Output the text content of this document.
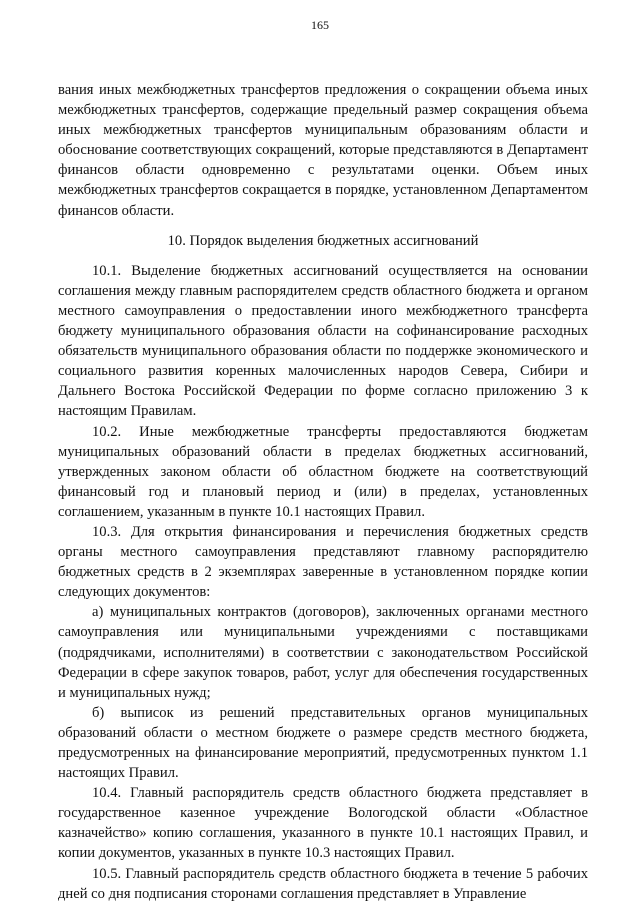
165

вания иных межбюджетных трансфертов предложения о сокращении объема иных межбюджетных трансфертов, содержащие предельный размер сокращения объема иных межбюджетных трансфертов муниципальным образованиям области и обоснование соответствующих сокращений, которые представляются в Департамент финансов области одновременно с результатами оценки. Объем иных межбюджетных трансфертов сокращается в порядке, установленном Департаментом финансов области.

10. Порядок выделения бюджетных ассигнований

10.1. Выделение бюджетных ассигнований осуществляется на основании соглашения между главным распорядителем средств областного бюджета и органом местного самоуправления о предоставлении иного межбюджетного трансферта бюджету муниципального образования области на софинансирование расходных обязательств муниципального образования области по поддержке экономического и социального развития коренных малочисленных народов Севера, Сибири и Дальнего Востока Российской Федерации по форме согласно приложению 3 к настоящим Правилам.

10.2. Иные межбюджетные трансферты предоставляются бюджетам муниципальных образований области в пределах бюджетных ассигнований, утвержденных законом области об областном бюджете на соответствующий финансовый год и плановый период и (или) в пределах, установленных соглашением, указанным в пункте 10.1 настоящих Правил.

10.3. Для открытия финансирования и перечисления бюджетных средств органы местного самоуправления представляют главному распорядителю бюджетных средств в 2 экземплярах заверенные в установленном порядке копии следующих документов:

а) муниципальных контрактов (договоров), заключенных органами местного самоуправления или муниципальными учреждениями с поставщиками (подрядчиками, исполнителями) в соответствии с законодательством Российской Федерации в сфере закупок товаров, работ, услуг для обеспечения государственных и муниципальных нужд;

б) выписок из решений представительных органов муниципальных образований области о местном бюджете о размере средств местного бюджета, предусмотренных на финансирование мероприятий, предусмотренных пунктом 1.1 настоящих Правил.

10.4. Главный распорядитель средств областного бюджета представляет в государственное казенное учреждение Вологодской области «Областное казначейство» копию соглашения, указанного в пункте 10.1 настоящих Правил, и копии документов, указанных в пункте 10.3 настоящих Правил.

10.5. Главный распорядитель средств областного бюджета в течение 5 рабочих дней со дня подписания сторонами соглашения представляет в Управление
